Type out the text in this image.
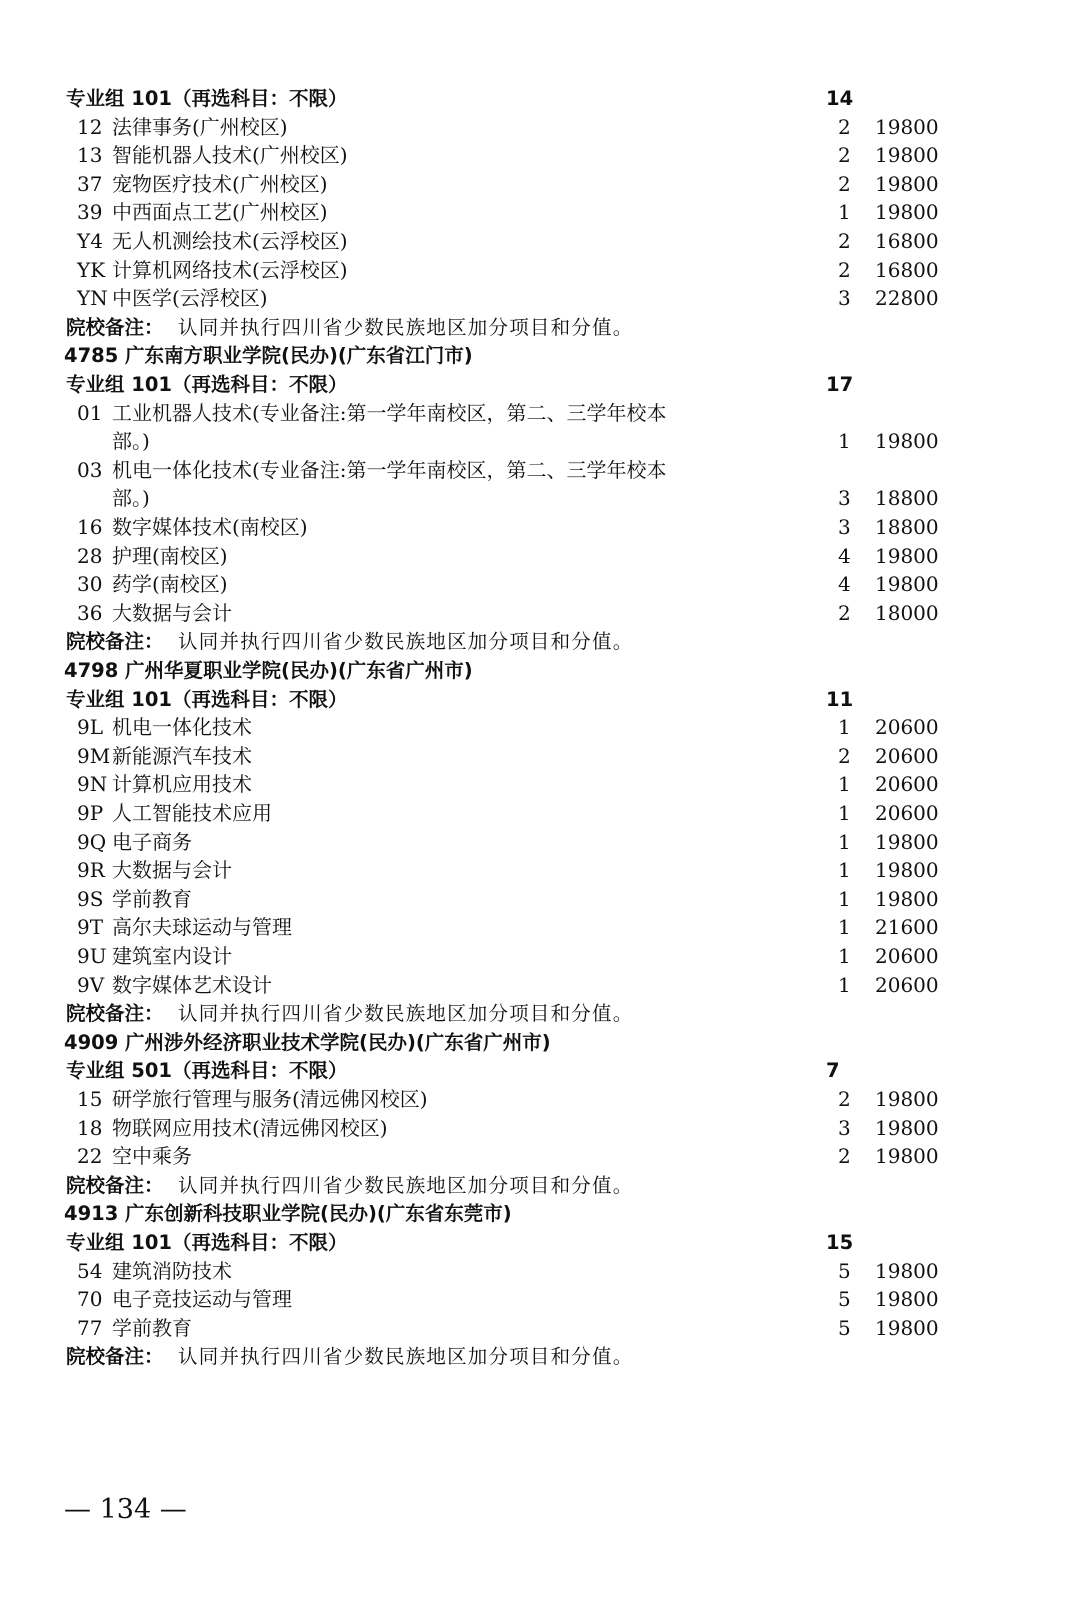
专业组 101（再选科目：不限）	14
12 法律事务(广州校区)	2 19800
13 智能机器人技术(广州校区)	2 19800
37 宠物医疗技术(广州校区)	2 19800
39 中西面点工艺(广州校区)	1 19800
Y4 无人机测绘技术(云浮校区)	2 16800
YK 计算机网络技术(云浮校区)	2 16800
YN 中医学(云浮校区)	3 22800
院校备注： 认同并执行四川省少数民族地区加分项目和分值。
4785 广东南方职业学院(民办)(广东省江门市)
专业组 101（再选科目：不限）	17
01 工业机器人技术(专业备注:第一学年南校区，第二、三学年校本
部。)	1 19800
03 机电一体化技术(专业备注:第一学年南校区，第二、三学年校本
部。)	3 18800
16 数字媒体技术(南校区)	3 18800
28 护理(南校区)	4 19800
30 药学(南校区)	4 19800
36 大数据与会计	2 18000
院校备注： 认同并执行四川省少数民族地区加分项目和分值。
4798 广州华夏职业学院(民办)(广东省广州市)
专业组 101（再选科目：不限）	11
9L 机电一体化技术	1 20600
9M 新能源汽车技术	2 20600
9N 计算机应用技术	1 20600
9P 人工智能技术应用	1 20600
9Q 电子商务	1 19800
9R 大数据与会计	1 19800
9S 学前教育	1 19800
9T 高尔夫球运动与管理	1 21600
9U 建筑室内设计	1 20600
9V 数字媒体艺术设计	1 20600
院校备注： 认同并执行四川省少数民族地区加分项目和分值。
4909 广州涉外经济职业技术学院(民办)(广东省广州市)
专业组 501（再选科目：不限）	7
15 研学旅行管理与服务(清远佛冈校区)	2 19800
18 物联网应用技术(清远佛冈校区)	3 19800
22 空中乘务	2 19800
院校备注： 认同并执行四川省少数民族地区加分项目和分值。
4913 广东创新科技职业学院(民办)(广东省东莞市)
专业组 101（再选科目：不限）	15
54 建筑消防技术	5 19800
70 电子竞技运动与管理	5 19800
77 学前教育	5 19800
院校备注： 认同并执行四川省少数民族地区加分项目和分值。
— 134 —
